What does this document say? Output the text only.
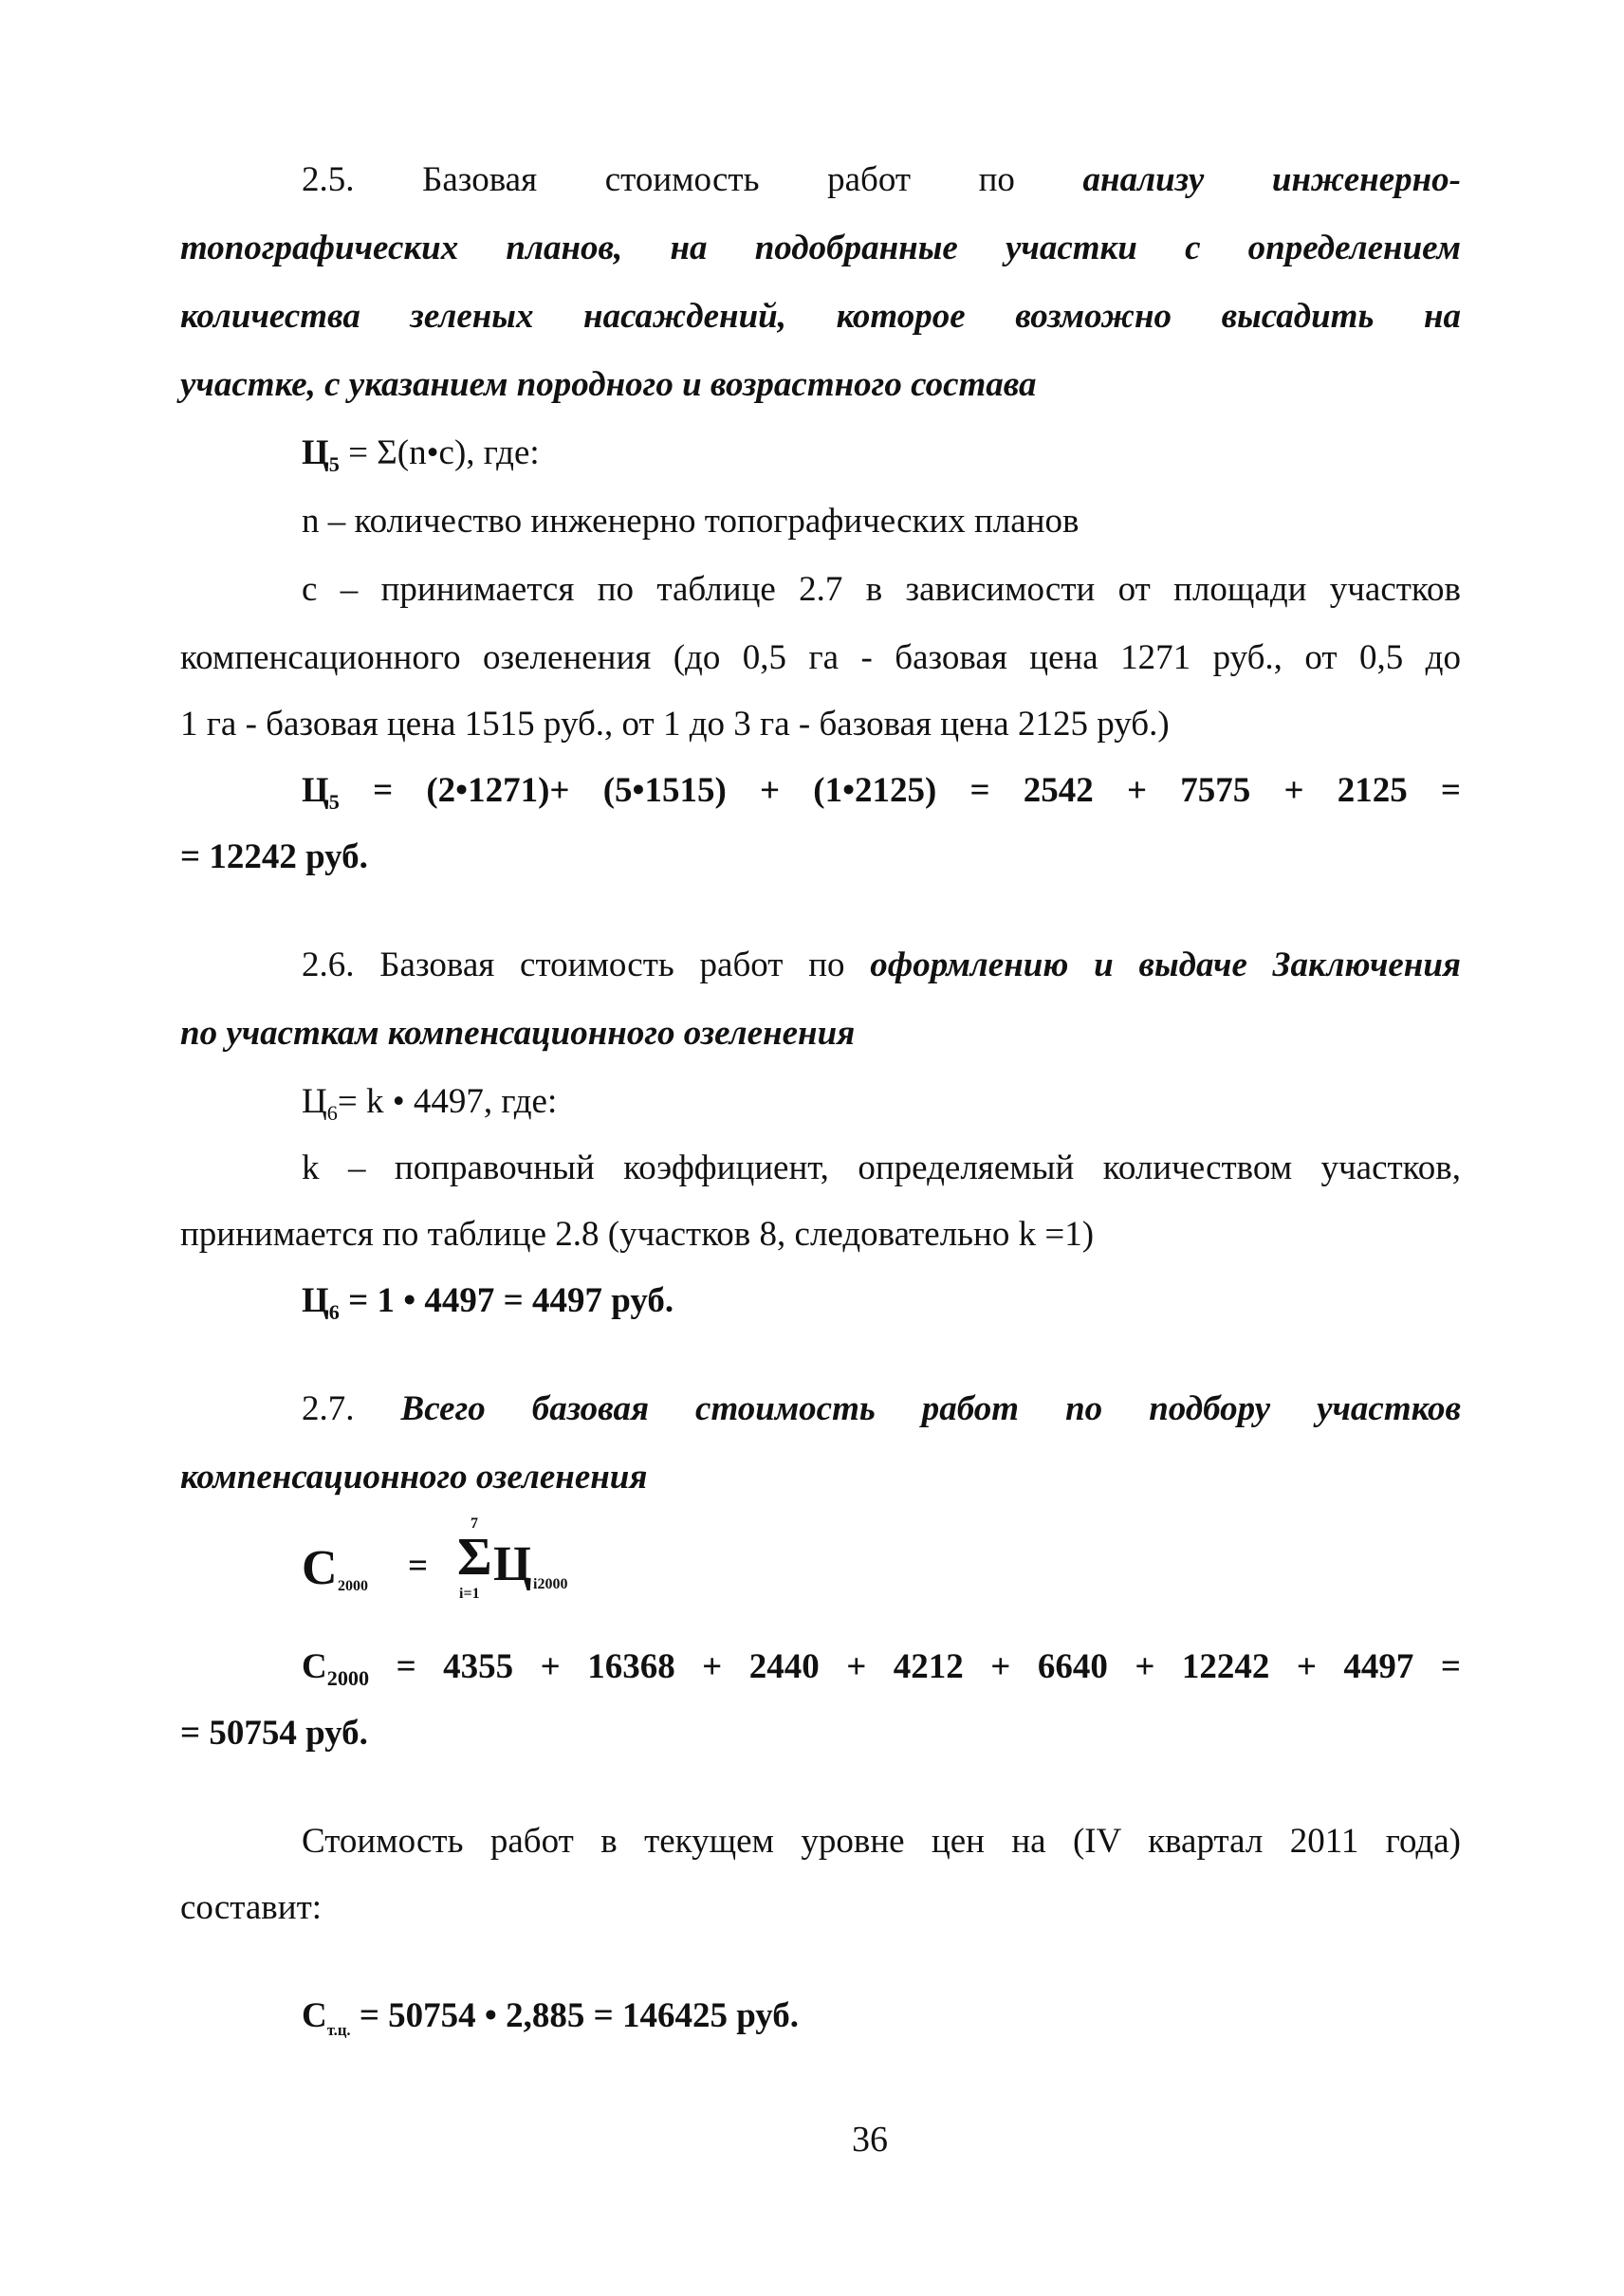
2.5. Базовая стоимость работ по анализу инженерно-
топографических планов, на подобранные участки с определением
количества зеленых насаждений, которое возможно высадить на
участке, с указанием породного и возрастного состава
$Ц_5$ = Σ(n•c), где:
n – количество инженерно топографических планов
c – принимается по таблице 2.7 в зависимости от площади участков
компенсационного озеленения (до 0,5 га - базовая цена 1271 руб., от 0,5 до
1 га - базовая цена 1515 руб., от 1 до 3 га - базовая цена 2125 руб.)
$Ц_5$ = (2•1271)+ (5•1515) + (1•2125) = 2542 + 7575 + 2125 =
= 12242 руб.
2.6. Базовая стоимость работ по оформлению и выдаче Заключения
по участкам компенсационного озеленения
$Ц_6= k$ • 4497, где:
k – поправочный коэффициент, определяемый количеством участков,
принимается по таблице 2.8 (участков 8, следовательно k =1)
$Ц_6 = 1$ • 4497 = 4497 руб.
2.7. Всего базовая стоимость работ по подбору участков
компенсационного озеленения
C 2000
=
7
Σ
i=1
Ц i2000
$C_{2000} = 4355 + 16368 + 2440 + 4212 + 6640 + 12242 + 4497$ =
= 50754 руб.
Стоимость работ в текущем уровне цен на (IV квартал 2011 года)
составит:
$C_{т.ц.} = 50754$ • 2,885 = 146425 руб.
36
